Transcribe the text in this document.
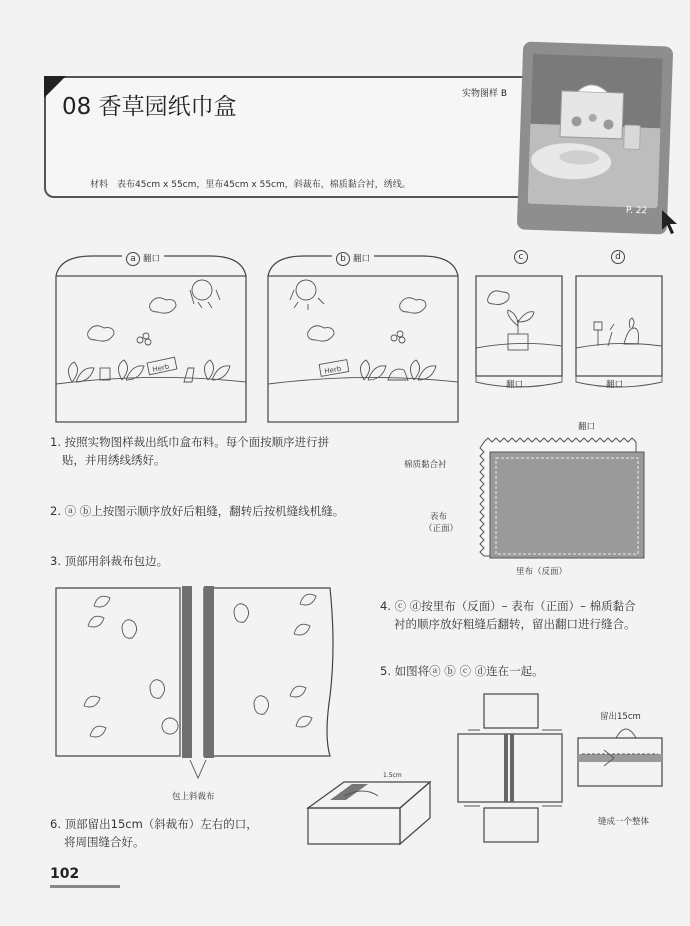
08 香草园纸巾盒	实物图样 B
材料　表布45cm x 55cm，里布45cm x 55cm，斜裁布，棉质黏合衬，绣线。
P. 22
Herb
a 翻口
Herb
b 翻口	c
翻口
d
翻口
1. 按照实物图样裁出纸巾盒布料。每个面按顺序进行拼
贴，并用绣线绣好。
2. ⓐ ⓑ上按图示顺序放好后粗缝，翻转后按机缝线机缝。
3. 顶部用斜裁布包边。
翻口
棉质黏合衬
表布
（正面）
里布（反面）
4. ⓒ ⓓ按里布（反面）– 表布（正面）– 棉质黏合
衬的顺序放好粗缝后翻转，留出翻口进行缝合。
5. 如图将ⓐ ⓑ ⓒ ⓓ连在一起。
包上斜裁布
1.5cm
6. 顶部留出15cm（斜裁布）左右的口，
将周围缝合好。
留出15cm
缝成一个整体
102
